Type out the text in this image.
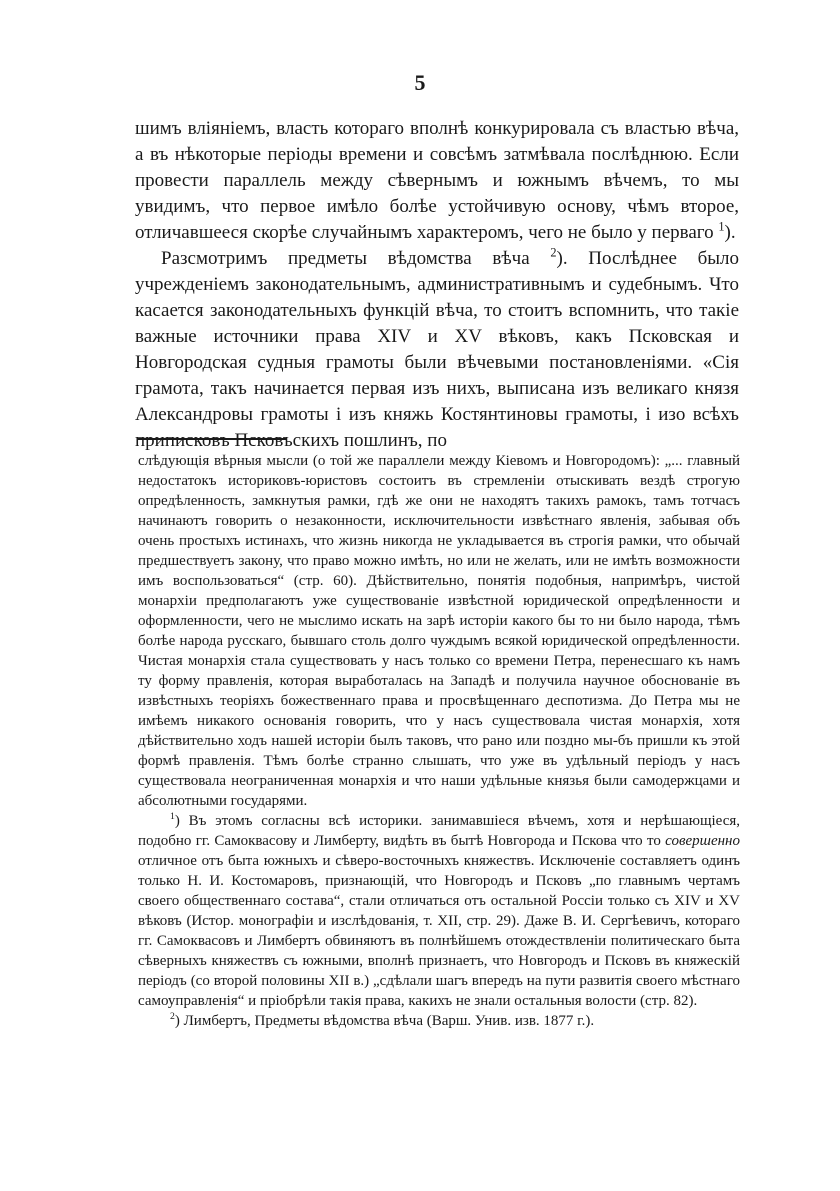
5

шимъ вліяніемъ, власть котораго вполнѣ конкурировала съ властью вѣча, а въ нѣкоторые періоды времени и совсѣмъ затмѣвала послѣднюю. Если провести параллель между сѣвернымъ и южнымъ вѣчемъ, то мы увидимъ, что первое имѣло болѣе устойчивую основу, чѣмъ второе, отличавшееся скорѣе случайнымъ характеромъ, чего не было у перваго $^1$).

Разсмотримъ предметы вѣдомства вѣча $^2$). Послѣднее было учрежденіемъ законодательнымъ, административнымъ и судебнымъ. Что касается законодательныхъ функцій вѣча, то стоитъ вспомнить, что такіе важные источники права XIV и XV вѣковъ, какъ Псковская и Новгородская судныя грамоты были вѣчевыми постановленіями. «Сія грамота, такъ начинается первая изъ нихъ, выписана изъ великаго князя Александровы грамоты і изъ княжь Костянтиновы грамоты, і изо всѣхъ приписковъ Псковъскихъ пошлинъ, по

слѣдующія вѣрныя мысли (о той же параллели между Кіевомъ и Новгородомъ): „... главный недостатокъ историковъ-юристовъ состоитъ въ стремленіи отыскивать вездѣ строгую опредѣленность, замкнутыя рамки, гдѣ же они не находятъ такихъ рамокъ, тамъ тотчасъ начинаютъ говорить о незаконности, исключительности извѣстнаго явленія, забывая объ очень простыхъ истинахъ, что жизнь никогда не укладывается въ строгія рамки, что обычай предшествуетъ закону, что право можно имѣть, но или не желать, или не имѣть возможности имъ воспользоваться“ (стр. 60). Дѣйствительно, понятія подобныя, напримѣръ, чистой монархіи предполагаютъ уже существованіе извѣстной юридической опредѣленности и оформленности, чего не мыслимо искать на зарѣ исторіи какого бы то ни было народа, тѣмъ болѣе народа русскаго, бывшаго столь долго чуждымъ всякой юридической опредѣленности. Чистая монархія стала существовать у насъ только со времени Петра, перенесшаго къ намъ ту форму правленія, которая выработалась на Западѣ и получила научное обоснованіе въ извѣстныхъ теоріяхъ божественнаго права и просвѣщеннаго деспотизма. До Петра мы не имѣемъ никакого основанія говорить, что у насъ существовала чистая монархія, хотя дѣйствительно ходъ нашей исторіи былъ таковъ, что рано или поздно мы-бъ пришли къ этой формѣ правленія. Тѣмъ болѣе странно слышать, что уже въ удѣльный періодъ у насъ существовала неограниченная монархія и что наши удѣльные князья были самодержцами и абсолютными государями.

$^1$) Въ этомъ согласны всѣ историки. занимавшіеся вѣчемъ, хотя и нерѣшающіеся, подобно гг. Самоквасову и Лимберту, видѣть въ бытѣ Новгорода и Пскова что то совершенно отличное отъ быта южныхъ и сѣверо-восточныхъ княжествъ. Исключеніе составляетъ одинъ только Н. И. Костомаровъ, признающій, что Новгородъ и Псковъ „по главнымъ чертамъ своего общественнаго состава“, стали отличаться отъ остальной Россіи только съ XIV и XV вѣковъ (Истор. монографіи и изслѣдованія, т. XII, стр. 29). Даже В. И. Сергѣевичъ, которaго гг. Самоквасовъ и Лимбертъ обвиняютъ въ полнѣйшемъ отождествленіи политическаго быта сѣверныхъ княжествъ съ южными, вполнѣ признаетъ, что Новгородъ и Псковъ въ княжескій періодъ (со второй половины XII в.) „сдѣлали шагъ впередъ на пути развитія своего мѣстнаго самоуправленія“ и пріобрѣли такія права, какихъ не знали остальныя волости (стр. 82).

$^2$) Лимбертъ, Предметы вѣдомства вѣча (Варш. Унив. изв. 1877 г.).
